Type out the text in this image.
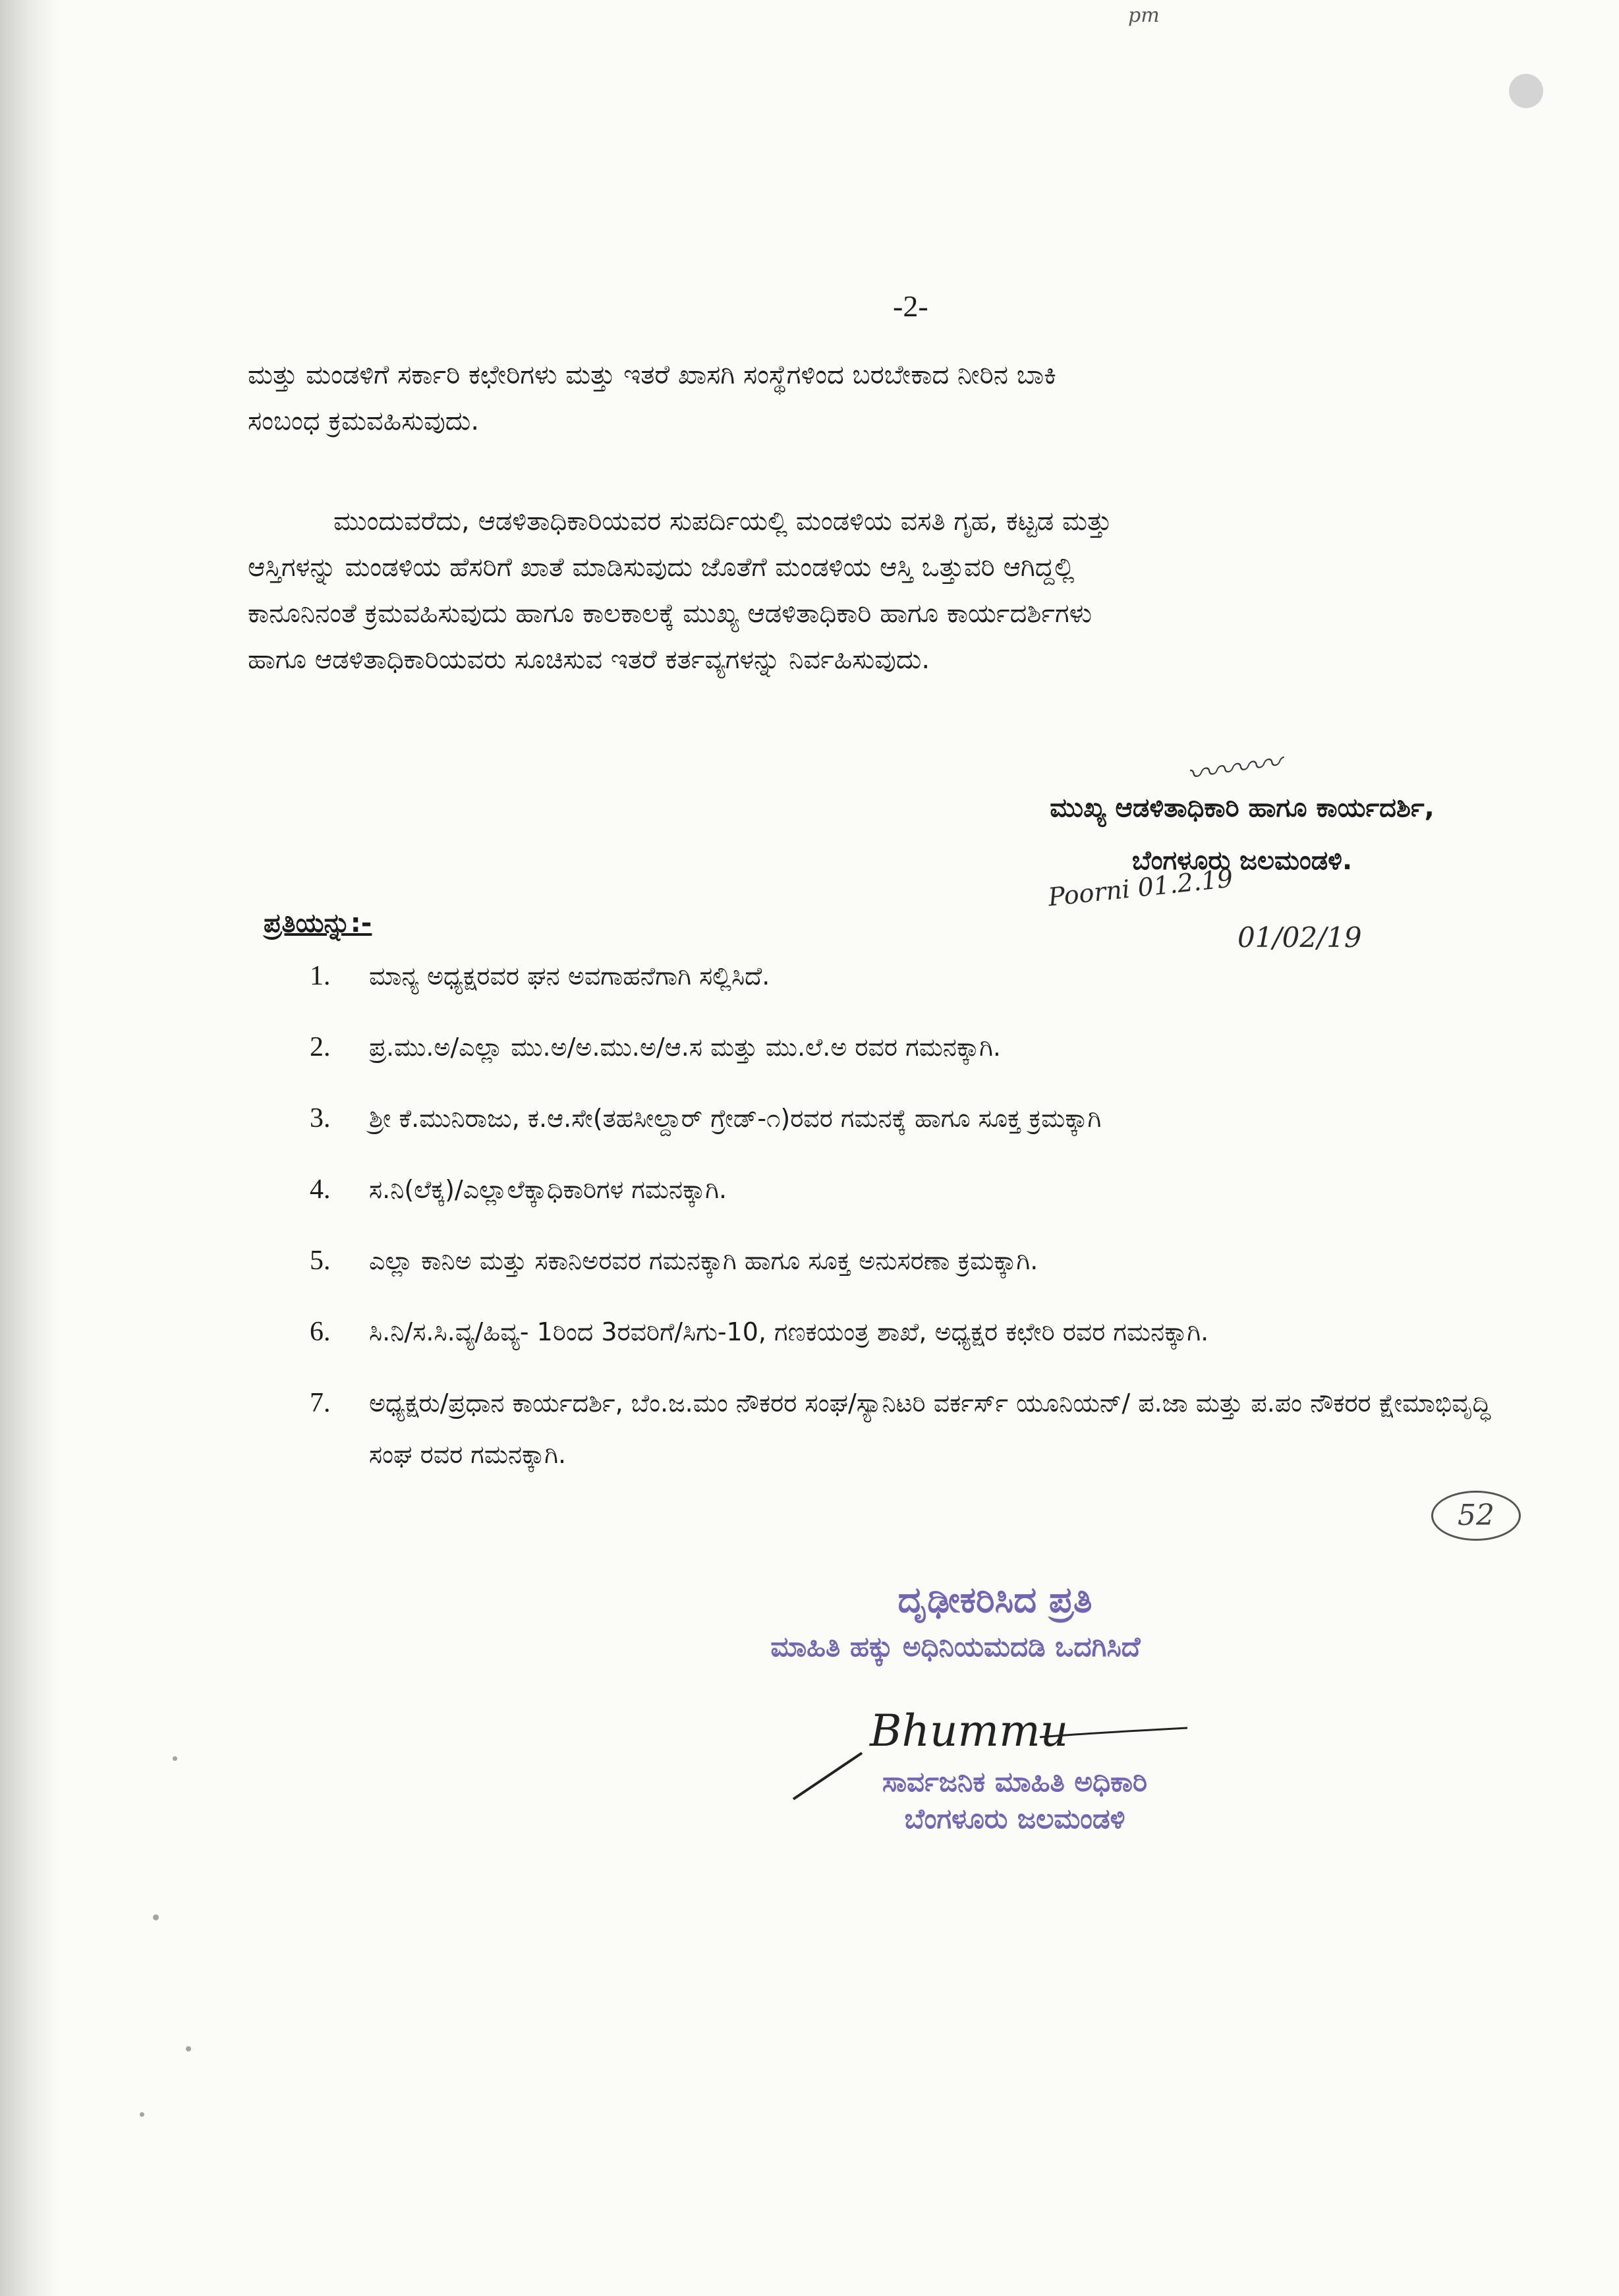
pm
-2-

ಮತ್ತು ಮಂಡಳಿಗೆ ಸರ್ಕಾರಿ ಕಛೇರಿಗಳು ಮತ್ತು ಇತರೆ ಖಾಸಗಿ ಸಂಸ್ಥೆಗಳಿಂದ ಬರಬೇಕಾದ ನೀರಿನ ಬಾಕಿ

ಸಂಬಂಧ ಕ್ರಮವಹಿಸುವುದು.

ಮುಂದುವರೆದು, ಆಡಳಿತಾಧಿಕಾರಿಯವರ ಸುಪರ್ದಿಯಲ್ಲಿ ಮಂಡಳಿಯ ವಸತಿ ಗೃಹ, ಕಟ್ಟಡ ಮತ್ತು

ಆಸ್ತಿಗಳನ್ನು ಮಂಡಳಿಯ ಹೆಸರಿಗೆ ಖಾತೆ ಮಾಡಿಸುವುದು ಜೊತೆಗೆ ಮಂಡಳಿಯ ಆಸ್ತಿ ಒತ್ತುವರಿ ಆಗಿದ್ದಲ್ಲಿ

ಕಾನೂನಿನಂತೆ ಕ್ರಮವಹಿಸುವುದು ಹಾಗೂ ಕಾಲಕಾಲಕ್ಕೆ ಮುಖ್ಯ ಆಡಳಿತಾಧಿಕಾರಿ ಹಾಗೂ ಕಾರ್ಯದರ್ಶಿಗಳು

ಹಾಗೂ ಆಡಳಿತಾಧಿಕಾರಿಯವರು ಸೂಚಿಸುವ ಇತರೆ ಕರ್ತವ್ಯಗಳನ್ನು ನಿರ್ವಹಿಸುವುದು.

〰〰〰

ಮುಖ್ಯ ಆಡಳಿತಾಧಿಕಾರಿ ಹಾಗೂ ಕಾರ್ಯದರ್ಶಿ,

ಬೆಂಗಳೂರು ಜಲಮಂಡಳಿ.

Poorni 01.2.19
01/02/19
ಪ್ರತಿಯನ್ನು:-
1.	ಮಾನ್ಯ ಅಧ್ಯಕ್ಷರವರ ಘನ ಅವಗಾಹನೆಗಾಗಿ ಸಲ್ಲಿಸಿದೆ.
2.	ಪ್ರ.ಮು.ಅ/ಎಲ್ಲಾ ಮು.ಅ/ಅ.ಮು.ಅ/ಆ.ಸ ಮತ್ತು ಮು.ಲೆ.ಅ ರವರ ಗಮನಕ್ಕಾಗಿ.
3.	ಶ್ರೀ ಕೆ.ಮುನಿರಾಜು, ಕ.ಆ.ಸೇ(ತಹಸೀಲ್ದಾರ್ ಗ್ರೇಡ್-೧)ರವರ ಗಮನಕ್ಕೆ ಹಾಗೂ ಸೂಕ್ತ ಕ್ರಮಕ್ಕಾಗಿ
4.	ಸ.ನಿ(ಲೆಕ್ಕ)/ಎಲ್ಲಾಲೆಕ್ಕಾಧಿಕಾರಿಗಳ ಗಮನಕ್ಕಾಗಿ.
5.	ಎಲ್ಲಾ ಕಾನಿಅ ಮತ್ತು ಸಕಾನಿಅರವರ ಗಮನಕ್ಕಾಗಿ ಹಾಗೂ ಸೂಕ್ತ ಅನುಸರಣಾ ಕ್ರಮಕ್ಕಾಗಿ.
6.	ಸಿ.ನಿ/ಸ.ಸಿ.ವ್ಯ/ಹಿವ್ಯ- 1ರಿಂದ 3ರವರಿಗೆ/ಸಿಗು-10, ಗಣಕಯಂತ್ರ ಶಾಖೆ, ಅಧ್ಯಕ್ಷರ ಕಛೇರಿ ರವರ ಗಮನಕ್ಕಾಗಿ.
7.	ಅಧ್ಯಕ್ಷರು/ಪ್ರಧಾನ ಕಾರ್ಯದರ್ಶಿ, ಬೆಂ.ಜ.ಮಂ ನೌಕರರ ಸಂಘ/ಸ್ಯಾನಿಟರಿ ವರ್ಕರ್ಸ್ ಯೂನಿಯನ್/ ಪ.ಜಾ ಮತ್ತು ಪ.ಪಂ ನೌಕರರ ಕ್ಷೇಮಾಭಿವೃದ್ಧಿ ಸಂಘ ರವರ ಗಮನಕ್ಕಾಗಿ.
52
ದೃಢೀಕರಿಸಿದ ಪ್ರತಿ
ಮಾಹಿತಿ ಹಕ್ಕು ಅಧಿನಿಯಮದಡಿ ಒದಗಿಸಿದೆ
Bhummu

ಸಾರ್ವಜನಿಕ ಮಾಹಿತಿ ಅಧಿಕಾರಿ

ಬೆಂಗಳೂರು ಜಲಮಂಡಳಿ
